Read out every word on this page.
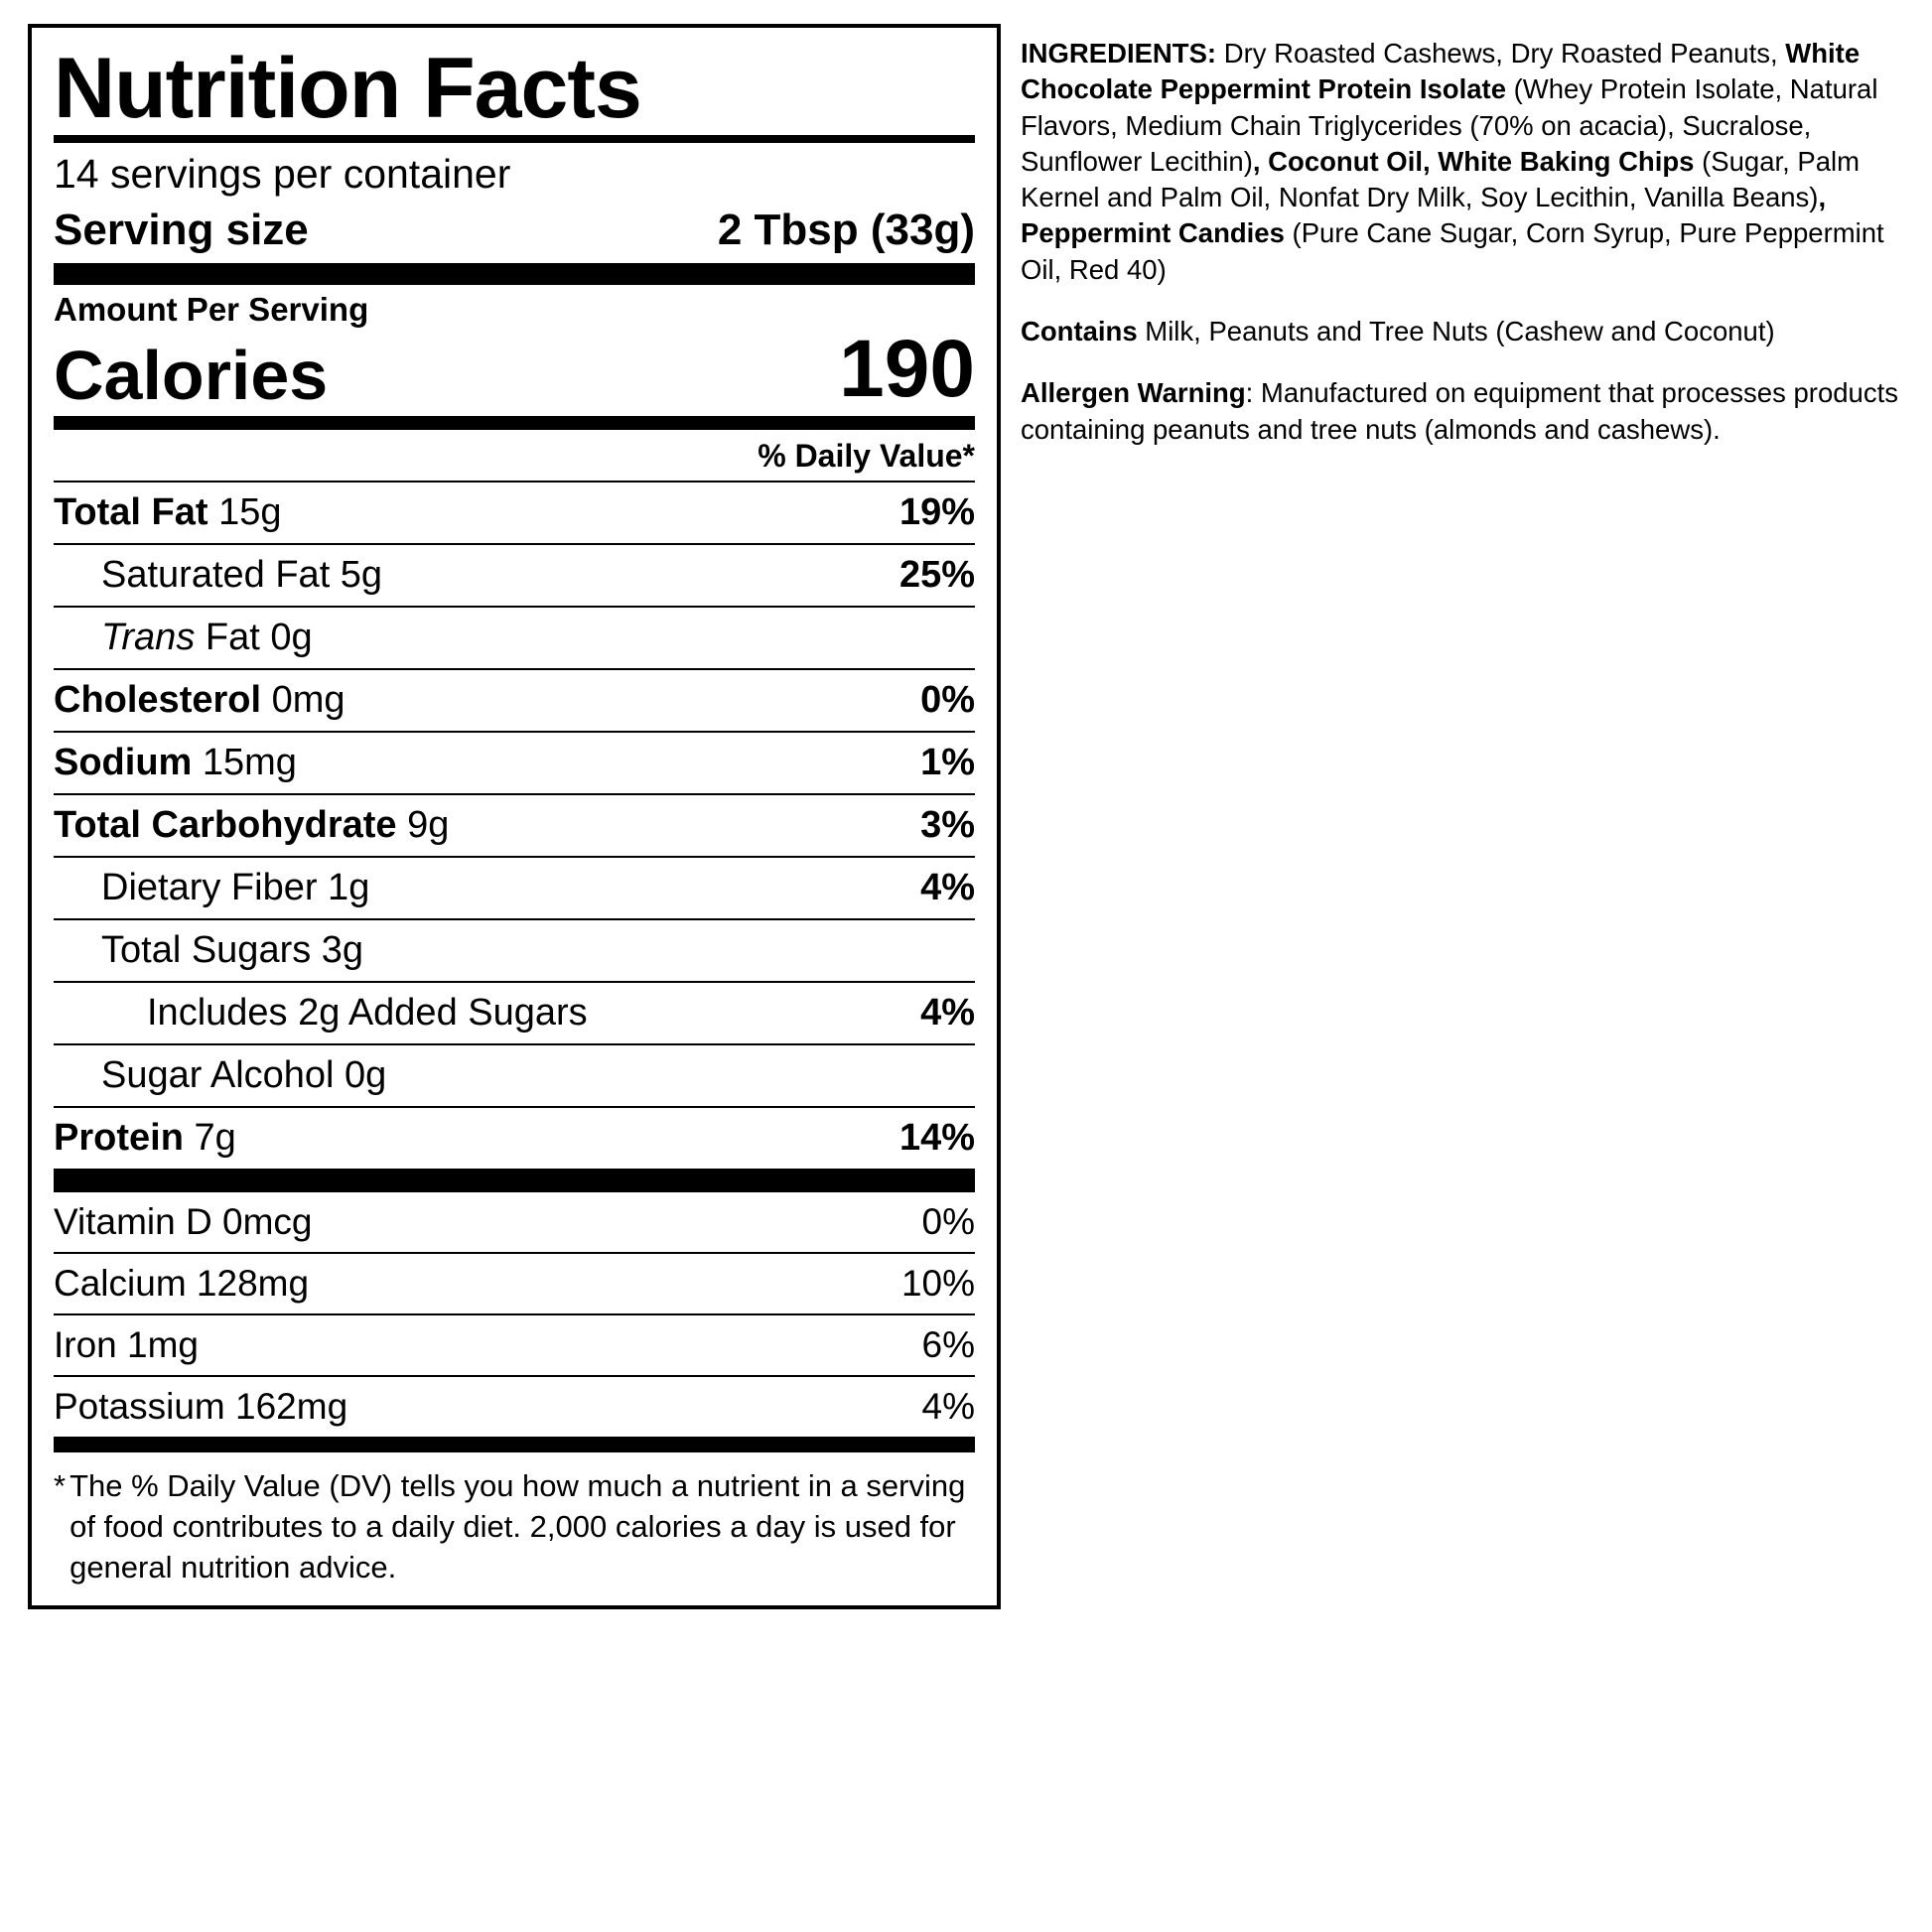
Nutrition Facts
14 servings per container
Serving size	2 Tbsp (33g)
Amount Per Serving
Calories	190
% Daily Value*
Total Fat 15g	19%
Saturated Fat 5g	25%
Trans Fat 0g
Cholesterol 0mg	0%
Sodium 15mg	1%
Total Carbohydrate 9g	3%
Dietary Fiber 1g	4%
Total Sugars 3g
Includes 2g Added Sugars	4%
Sugar Alcohol 0g
Protein 7g	14%
Vitamin D 0mcg	0%
Calcium 128mg	10%
Iron 1mg	6%
Potassium 162mg	4%
* The % Daily Value (DV) tells you how much a nutrient in a serving of food contributes to a daily diet. 2,000 calories a day is used for general nutrition advice.

INGREDIENTS: Dry Roasted Cashews, Dry Roasted Peanuts, White Chocolate Peppermint Protein Isolate (Whey Protein Isolate, Natural Flavors, Medium Chain Triglycerides (70% on acacia), Sucralose, Sunflower Lecithin), Coconut Oil, White Baking Chips (Sugar, Palm Kernel and Palm Oil, Nonfat Dry Milk, Soy Lecithin, Vanilla Beans), Peppermint Candies (Pure Cane Sugar, Corn Syrup, Pure Peppermint Oil, Red 40)

Contains Milk, Peanuts and Tree Nuts (Cashew and Coconut)

Allergen Warning: Manufactured on equipment that processes products containing peanuts and tree nuts (almonds and cashews).
